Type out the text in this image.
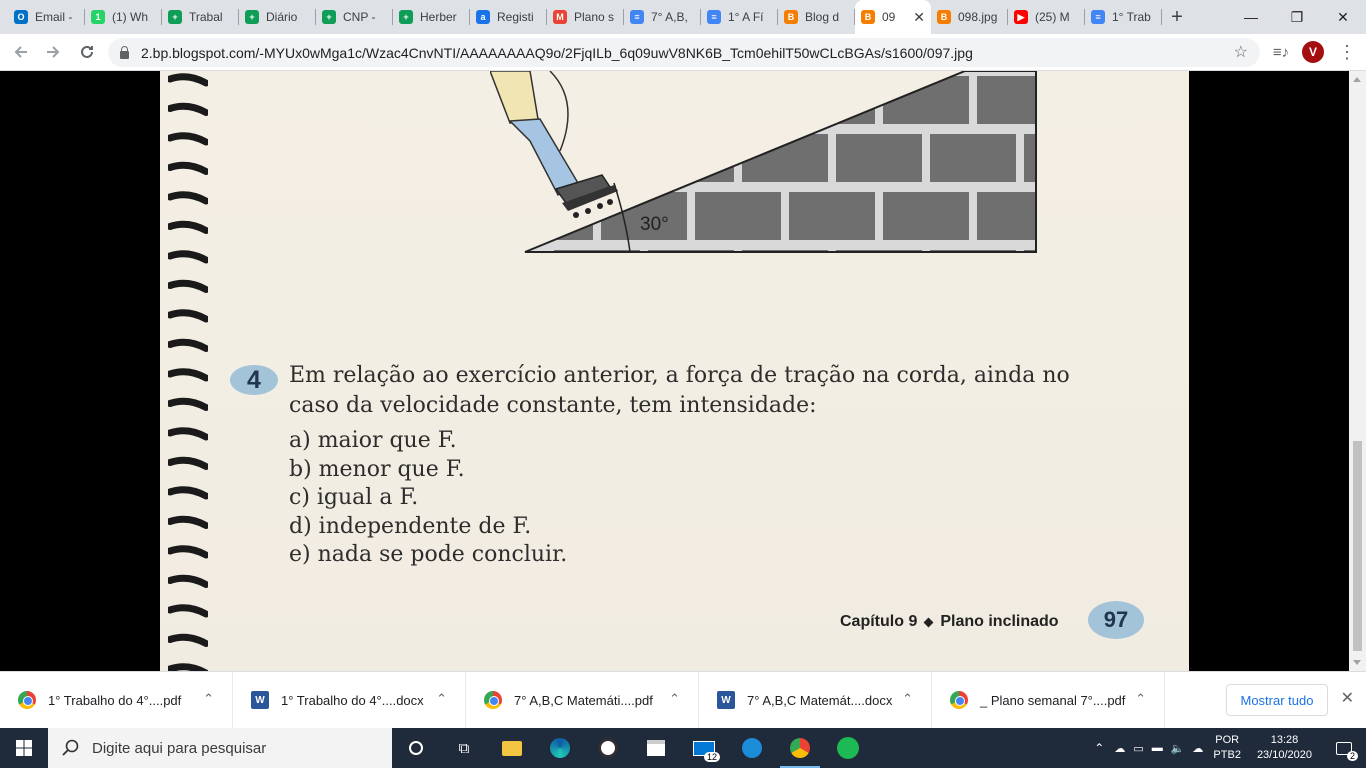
O Email -	1 (1) Wh	+ Trabal	+ Diário	+ CNP -	+ Herber	a Registi	M Plano s	≡ 7° A,B,	≡ 1° A Fí	B Blog d	B 09	✕	B 098.jpg	▶ (25) M	≡ 1° Trab	+	—	❐	✕
2.bp.blogspot.com/-MYUx0wMga1c/Wzac4CnvNTI/AAAAAAAAQ9o/2FjqILb_6q09uwV8NK6B_Tcm0ehilT50wCLcBGAs/s1600/097.jpg	☆	≡♪	V	⋮
30°
4	Em relação ao exercício anterior, a força de tração na corda, ainda no caso da velocidade constante, tem intensidade:
a) maior que F.
b) menor que F.
c) igual a F.
d) independente de F.
e) nada se pode concluir.
Capítulo 9 Plano inclinado	97
1° Trabalho do 4°....pdf ⌃	W	1° Trabalho do 4°....docx ⌃	7° A,B,C Matemáti....pdf ⌃	W	7° A,B,C Matemát....docx ⌃	_ Plano semanal 7°....pdf ⌃	Mostrar tudo	✕
Digite aqui para pesquisar	⧉
12
⌃ ☁ ▭ ▬ 🔈 ☁
POR
PTB2
13:28
23/10/2020	2
